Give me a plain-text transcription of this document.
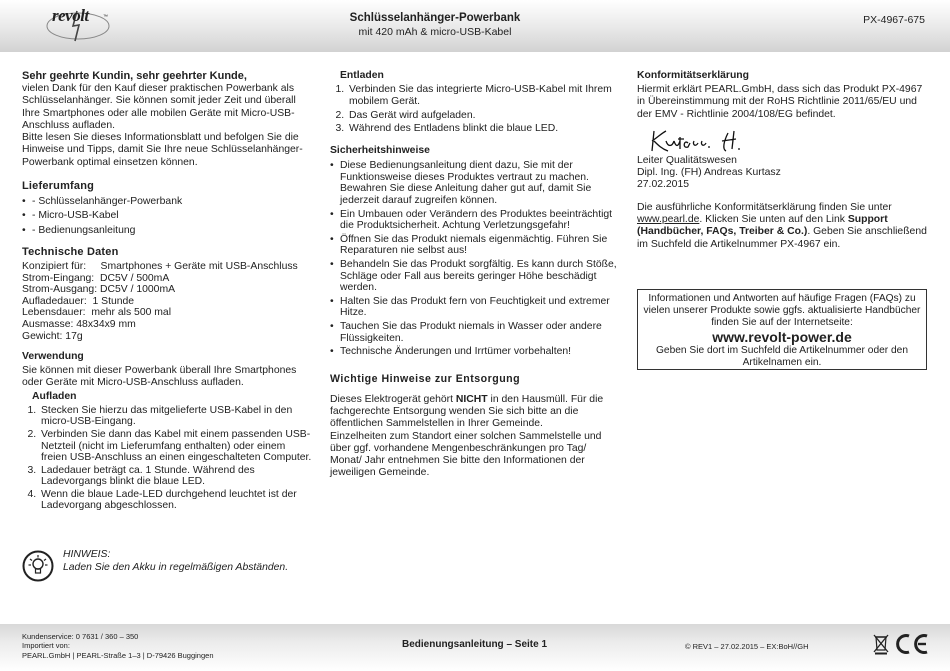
revolt	™	Schlüsselanhänger-Powerbank
mit 420 mAh & micro-USB-Kabel
PX-4967-675
Sehr geehrte Kundin, sehr geehrter Kunde,

vielen Dank für den Kauf dieser praktischen Powerbank als Schlüsselanhänger. Sie können somit jeder Zeit und überall Ihre Smartphones oder alle mobilen Geräte mit Micro-USB-Anschluss aufladen.

Bitte lesen Sie dieses Informationsblatt und befolgen Sie die Hinweise und Tipps, damit Sie Ihre neue Schlüsselanhänger-Powerbank optimal einsetzen können.

Lieferumfang
• - Schlüsselanhänger-Powerbank
• - Micro-USB-Kabel
• - Bedienungsanleitung
Technische Daten
Konzipiert für:     Smartphones + Geräte mit USB-Anschluss
Strom-Eingang:  DC5V / 500mA
Strom-Ausgang: DC5V / 1000mA
Aufladedauer:  1 Stunde
Lebensdauer:  mehr als 500 mal
Ausmasse: 48x34x9 mm
Gewicht: 17g
Verwendung

Sie können mit dieser Powerbank überall Ihre Smartphones oder Geräte mit Micro-USB-Anschluss aufladen.

Aufladen
1. Stecken Sie hierzu das mitgelieferte USB-Kabel in den micro-USB-Eingang.
2. Verbinden Sie dann das Kabel mit einem passenden USB-Netzteil (nicht im Lieferumfang enthalten) oder einem freien USB-Anschluss an einen eingeschalteten Computer.
3. Ladedauer beträgt ca. 1 Stunde. Während des Ladevorgangs blinkt die blaue LED.
4. Wenn die blaue Lade-LED durchgehend leuchtet ist der Ladevorgang abgeschlossen.
HINWEIS:
Laden Sie den Akku in regelmäßigen Abständen.
Entladen
1. Verbinden Sie das integrierte Micro-USB-Kabel mit Ihrem mobilem Gerät.
2. Das Gerät wird aufgeladen.
3. Während des Entladens blinkt die blaue LED.
Sicherheitshinweise
• Diese Bedienungsanleitung dient dazu, Sie mit der Funktionsweise dieses Produktes vertraut zu machen. Bewahren Sie diese Anleitung daher gut auf, damit Sie jederzeit darauf zugreifen können.
• Ein Umbauen oder Verändern des Produktes beeinträchtigt die Produktsicherheit. Achtung Verletzungsgefahr!
• Öffnen Sie das Produkt niemals eigenmächtig. Führen Sie Reparaturen nie selbst aus!
• Behandeln Sie das Produkt sorgfältig. Es kann durch Stöße, Schläge oder Fall aus bereits geringer Höhe beschädigt werden.
• Halten Sie das Produkt fern von Feuchtigkeit und extremer Hitze.
• Tauchen Sie das Produkt niemals in Wasser oder andere Flüssigkeiten.
• Technische Änderungen und Irrtümer vorbehalten!
Wichtige Hinweise zur Entsorgung

Dieses Elektrogerät gehört NICHT in den Hausmüll. Für die fachgerechte Entsorgung wenden Sie sich bitte an die öffentlichen Sammelstellen in Ihrer Gemeinde.

Einzelheiten zum Standort einer solchen Sammelstelle und über ggf. vorhandene Mengenbeschränkungen pro Tag/ Monat/ Jahr entnehmen Sie bitte den Informationen der jeweiligen Gemeinde.

Konformitätserklärung

Hiermit erklärt PEARL.GmbH, dass sich das Produkt PX-4967 in Übereinstimmung mit der RoHS Richtlinie 2011/65/EU und der EMV - Richtlinie 2004/108/EG befindet.

Leiter Qualitätswesen

Dipl. Ing. (FH) Andreas Kurtasz

27.02.2015

Die ausführliche Konformitätserklärung finden Sie unter
www.pearl.de. Klicken Sie unten auf den Link Support (Handbücher, FAQs, Treiber & Co.). Geben Sie anschließend im Suchfeld die Artikelnummer PX-4967 ein.

Informationen und Antworten auf häufige Fragen (FAQs) zu vielen unserer Produkte sowie ggfs. aktualisierte Handbücher finden Sie auf der Internetseite:
www.revolt-power.de
Geben Sie dort im Suchfeld die Artikelnummer oder den Artikelnamen ein.
Kundenservice: 0 7631 / 360 – 350
Importiert von:
PEARL.GmbH | PEARL-Straße 1–3 | D-79426 Buggingen
Bedienungsanleitung – Seite 1	© REV1 – 27.02.2015 – EX:BoH//GH
